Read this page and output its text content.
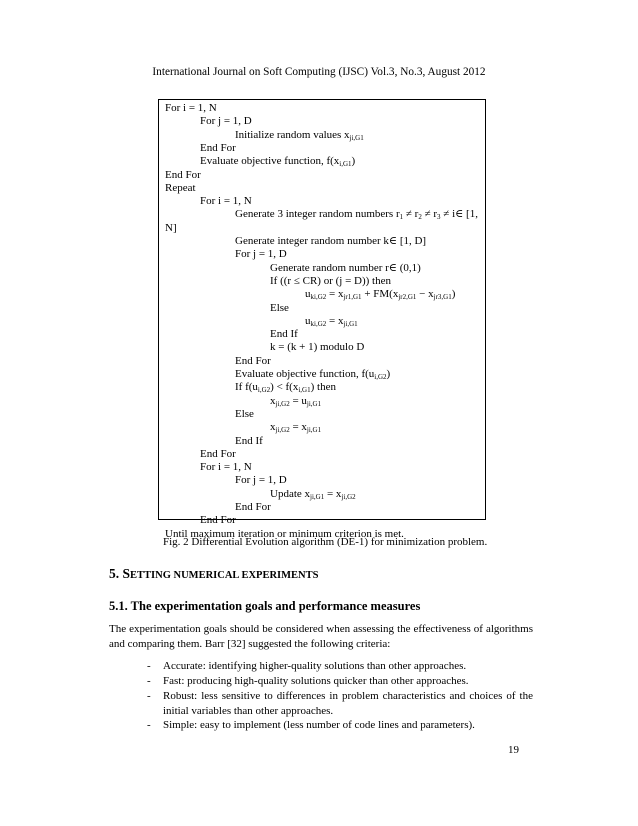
International Journal on Soft Computing (IJSC) Vol.3, No.3, August 2012
For i = 1, N
For j = 1, D
Initialize random values $x_{ji,G1}$
End For
Evaluate objective function, $f(x_{i,G1})$
End For
Repeat
For i = 1, N
Generate 3 integer random numbers $r_1 \ne r_2 \ne r_3$ ≠ i∈ [1,
N]
Generate integer random number k∈ [1, D]
For j = 1, D
Generate random number r∈ (0,1)
If ((r ≤ CR) or (j = D)) then
$u_{ki,G2} = x_{jr1,G1} + FM(x_{jr2,G1} - x_{jr3,G1})$
Else
$u_{ki,G2} = x_{ji,G1}$
End If
k = (k + 1) modulo D
End For
Evaluate objective function, $f(u_{i,G2})$
If $f(u_{i,G2}) < f(x_{i,G1})$ then
$x_{ji,G2} = u_{ji,G1}$
Else
$x_{ji,G2} = x_{ji,G1}$
End If
End For
For i = 1, N
For j = 1, D
Update $x_{ji,G1} = x_{ji,G2}$
End For
End For
Until maximum iteration or minimum criterion is met.
Fig. 2 Differential Evolution algorithm (DE-1) for minimization problem.
5. SETTING NUMERICAL EXPERIMENTS
5.1. The experimentation goals and performance measures
The experimentation goals should be considered when assessing the effectiveness of algorithms and comparing them. Barr [32] suggested the following criteria:
- Accurate: identifying higher-quality solutions than other approaches.
- Fast: producing high-quality solutions quicker than other approaches.
- Robust: less sensitive to differences in problem characteristics and choices of the initial variables than other approaches.
- Simple: easy to implement (less number of code lines and parameters).
19
